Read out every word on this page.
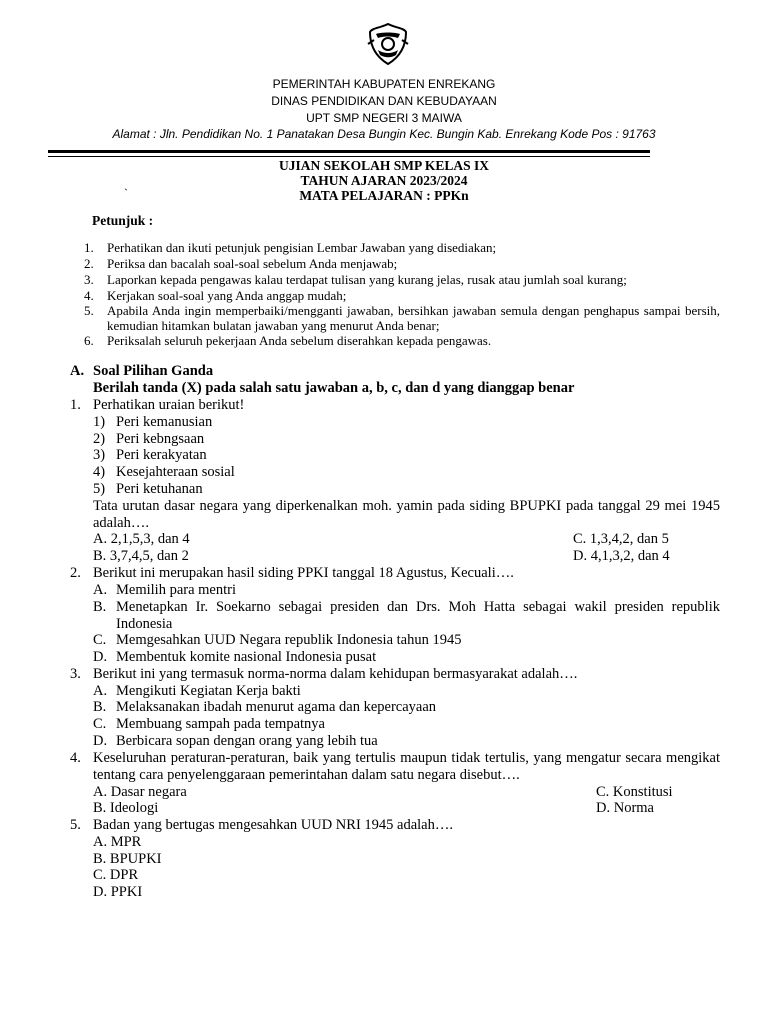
PEMERINTAH KABUPATEN ENREKANG
DINAS PENDIDIKAN DAN KEBUDAYAAN
UPT SMP NEGERI 3 MAIWA
Alamat : Jln. Pendidikan No. 1 Panatakan Desa Bungin Kec. Bungin Kab. Enrekang Kode Pos : 91763
UJIAN SEKOLAH SMP KELAS IX
TAHUN AJARAN 2023/2024
MATA PELAJARAN : PPKn
`
Petunjuk :
1. Perhatikan dan ikuti petunjuk pengisian Lembar Jawaban yang disediakan;
2. Periksa dan bacalah soal-soal sebelum Anda menjawab;
3. Laporkan kepada pengawas kalau terdapat tulisan yang kurang jelas, rusak atau jumlah soal kurang;
4. Kerjakan soal-soal yang Anda anggap mudah;
5. Apabila Anda ingin memperbaiki/mengganti jawaban, bersihkan jawaban semula dengan penghapus sampai bersih, kemudian hitamkan bulatan jawaban yang menurut Anda benar;
6. Periksalah seluruh pekerjaan Anda sebelum diserahkan kepada pengawas.
A. Soal Pilihan Ganda
Berilah tanda (X) pada salah satu jawaban a, b, c, dan d yang dianggap benar
1. Perhatikan uraian berikut!
1) Peri kemanusian
2) Peri kebngsaan
3) Peri kerakyatan
4) Kesejahteraan sosial
5) Peri ketuhanan
Tata urutan dasar negara yang diperkenalkan moh. yamin pada siding BPUPKI pada tanggal 29 mei 1945 adalah….
A. 2,1,5,3, dan 4	C. 1,3,4,2, dan 5
B. 3,7,4,5, dan 2	D. 4,1,3,2, dan 4
2. Berikut ini merupakan hasil siding PPKI tanggal 18 Agustus, Kecuali….
A. Memilih para mentri
B. Menetapkan Ir. Soekarno sebagai presiden dan Drs. Moh Hatta sebagai wakil presiden republik Indonesia
C. Memgesahkan UUD Negara republik Indonesia tahun 1945
D. Membentuk komite nasional Indonesia pusat
3. Berikut ini yang termasuk norma-norma dalam kehidupan bermasyarakat adalah….
A. Mengikuti Kegiatan Kerja bakti
B. Melaksanakan ibadah menurut agama dan kepercayaan
C. Membuang sampah pada tempatnya
D. Berbicara sopan dengan orang yang lebih tua
4. Keseluruhan peraturan-peraturan, baik yang tertulis maupun tidak tertulis, yang mengatur secara mengikat tentang cara penyelenggaraan pemerintahan dalam satu negara disebut….
A. Dasar negara	C. Konstitusi
B. Ideologi	D. Norma
5. Badan yang bertugas mengesahkan UUD NRI 1945 adalah….
A. MPR
B. BPUPKI
C. DPR
D. PPKI
